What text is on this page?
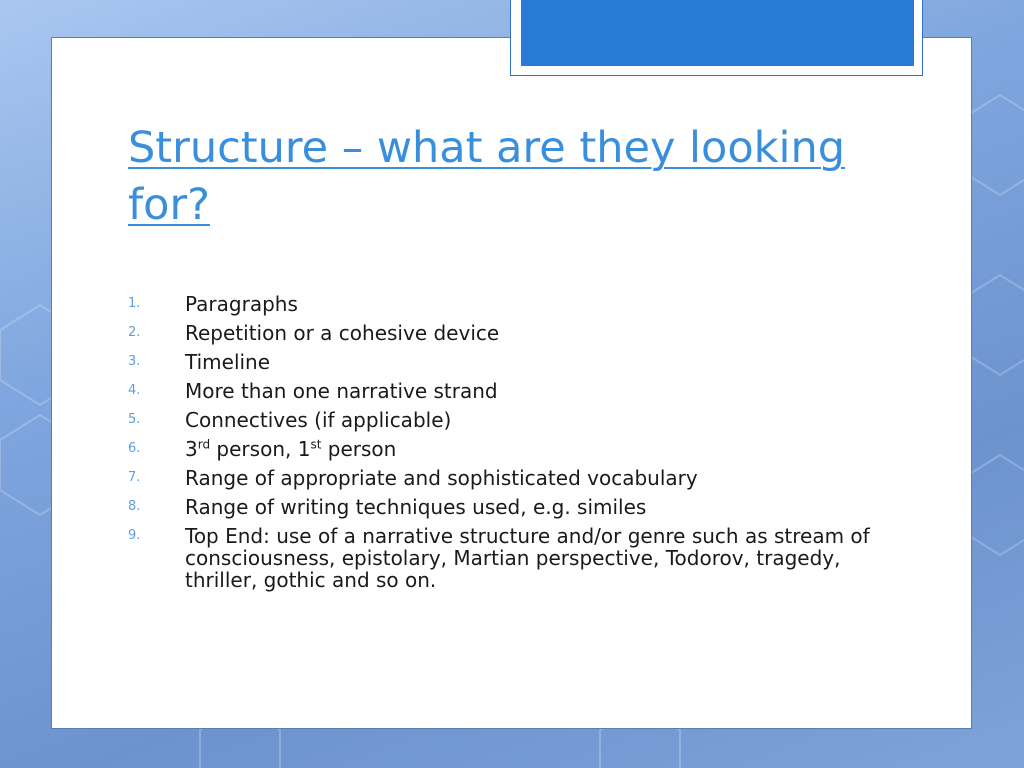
Structure – what are they looking for?
1.	Paragraphs
2.	Repetition or a cohesive device
3.	Timeline
4.	More than one narrative strand
5.	Connectives (if applicable)
6.	3rd person, 1st person
7.	Range of appropriate and sophisticated vocabulary
8.	Range of writing techniques used, e.g. similes
9.	Top End: use of a narrative structure and/or genre such as stream of consciousness, epistolary, Martian perspective, Todorov, tragedy, thriller, gothic and so on.
